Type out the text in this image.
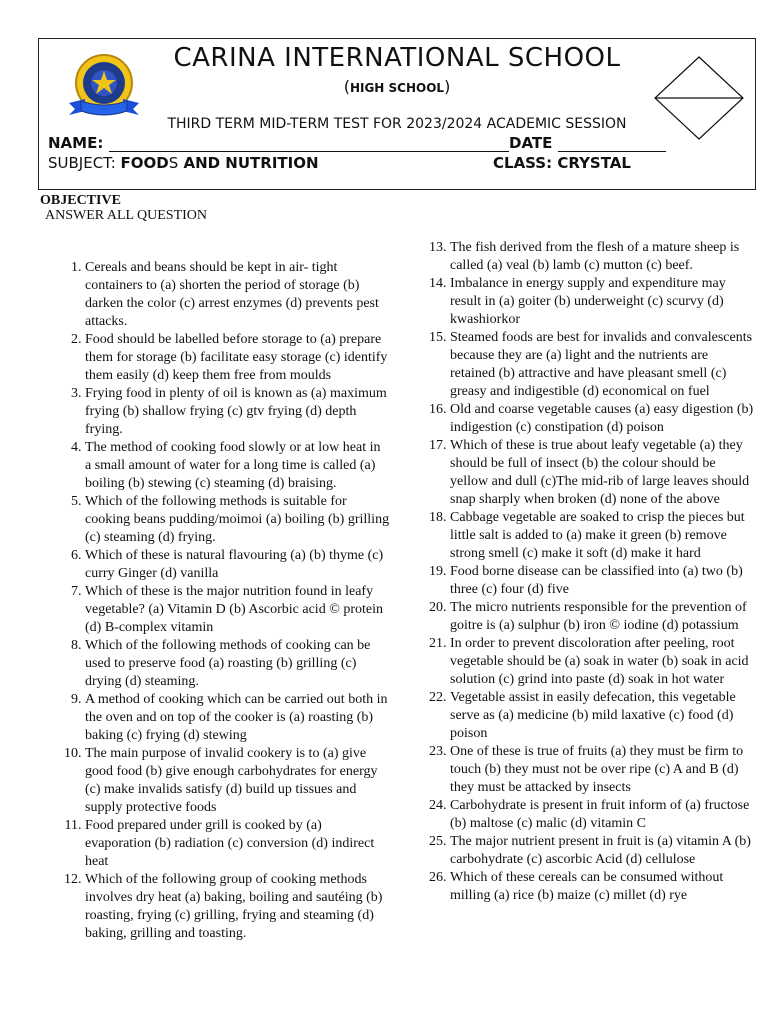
CARINA INTERNATIONAL SCHOOL
(HIGH SCHOOL)
THIRD TERM MID-TERM TEST FOR 2023/2024 ACADEMIC SESSION
NAME:	DATE
SUBJECT: FOODS AND NUTRITION	CLASS: CRYSTAL
OBJECTIVE
ANSWER ALL QUESTION
1. Cereals and beans should be kept in air- tight containers to (a) shorten the period of storage (b) darken the color (c) arrest enzymes (d) prevents pest attacks.
2. Food should be labelled before storage to (a) prepare them for storage (b) facilitate easy storage (c) identify them easily (d) keep them free from moulds
3. Frying food in plenty of oil is known as (a) maximum frying (b) shallow frying (c) gtv frying (d) depth frying.
4. The method of cooking food slowly or at low heat in a small amount of water for a long time is called (a) boiling (b) stewing (c) steaming (d) braising.
5. Which of the following methods is suitable for cooking beans pudding/moimoi (a) boiling (b) grilling (c) steaming (d) frying.
6. Which of these is natural flavouring (a) (b) thyme (c) curry Ginger (d) vanilla
7. Which of these is the major nutrition found in leafy vegetable? (a) Vitamin D (b) Ascorbic acid © protein (d) B-complex vitamin
8. Which of the following methods of cooking can be used to preserve food (a) roasting (b) grilling (c) drying (d) steaming.
9. A method of cooking which can be carried out both in the oven and on top of the cooker is (a) roasting (b) baking (c) frying (d) stewing
10. The main purpose of invalid cookery is to (a) give good food (b) give enough carbohydrates for energy (c) make invalids satisfy (d) build up tissues and supply protective foods
11. Food prepared under grill is cooked by (a) evaporation (b) radiation (c) conversion (d) indirect heat
12. Which of the following group of cooking methods involves dry heat (a) baking, boiling and sautéing (b) roasting, frying (c) grilling, frying and steaming (d) baking, grilling and toasting.
13. The fish derived from the flesh of a mature sheep is called (a) veal (b) lamb (c) mutton (c) beef.
14. Imbalance in energy supply and expenditure may result in (a) goiter (b) underweight (c) scurvy (d) kwashiorkor
15. Steamed foods are best for invalids and convalescents because they are (a) light and the nutrients are retained (b) attractive and have pleasant smell (c) greasy and indigestible (d) economical on fuel
16. Old and coarse vegetable causes (a) easy digestion (b) indigestion (c) constipation (d) poison
17. Which of these is true about leafy vegetable (a) they should be full of insect (b) the colour should be yellow and dull (c)The mid-rib of large leaves should snap sharply when broken (d) none of the above
18. Cabbage vegetable are soaked to crisp the pieces but little salt is added to (a) make it green (b) remove strong smell (c) make it soft (d) make it hard
19. Food borne disease can be classified into (a) two (b) three (c) four (d) five
20. The micro nutrients responsible for the prevention of goitre is (a) sulphur (b) iron © iodine (d) potassium
21. In order to prevent discoloration after peeling, root vegetable should be (a) soak in water (b) soak in acid solution (c) grind into paste (d) soak in hot water
22. Vegetable assist in easily defecation, this vegetable serve as (a) medicine (b) mild laxative (c) food (d) poison
23. One of these is true of fruits (a) they must be firm to touch (b) they must not be over ripe (c) A and B (d) they must be attacked by insects
24. Carbohydrate is present in fruit inform of (a) fructose (b) maltose (c) malic (d) vitamin C
25. The major nutrient present in fruit is (a) vitamin A (b) carbohydrate (c) ascorbic Acid (d) cellulose
26. Which of these cereals can be consumed without milling (a) rice (b) maize (c) millet (d) rye
